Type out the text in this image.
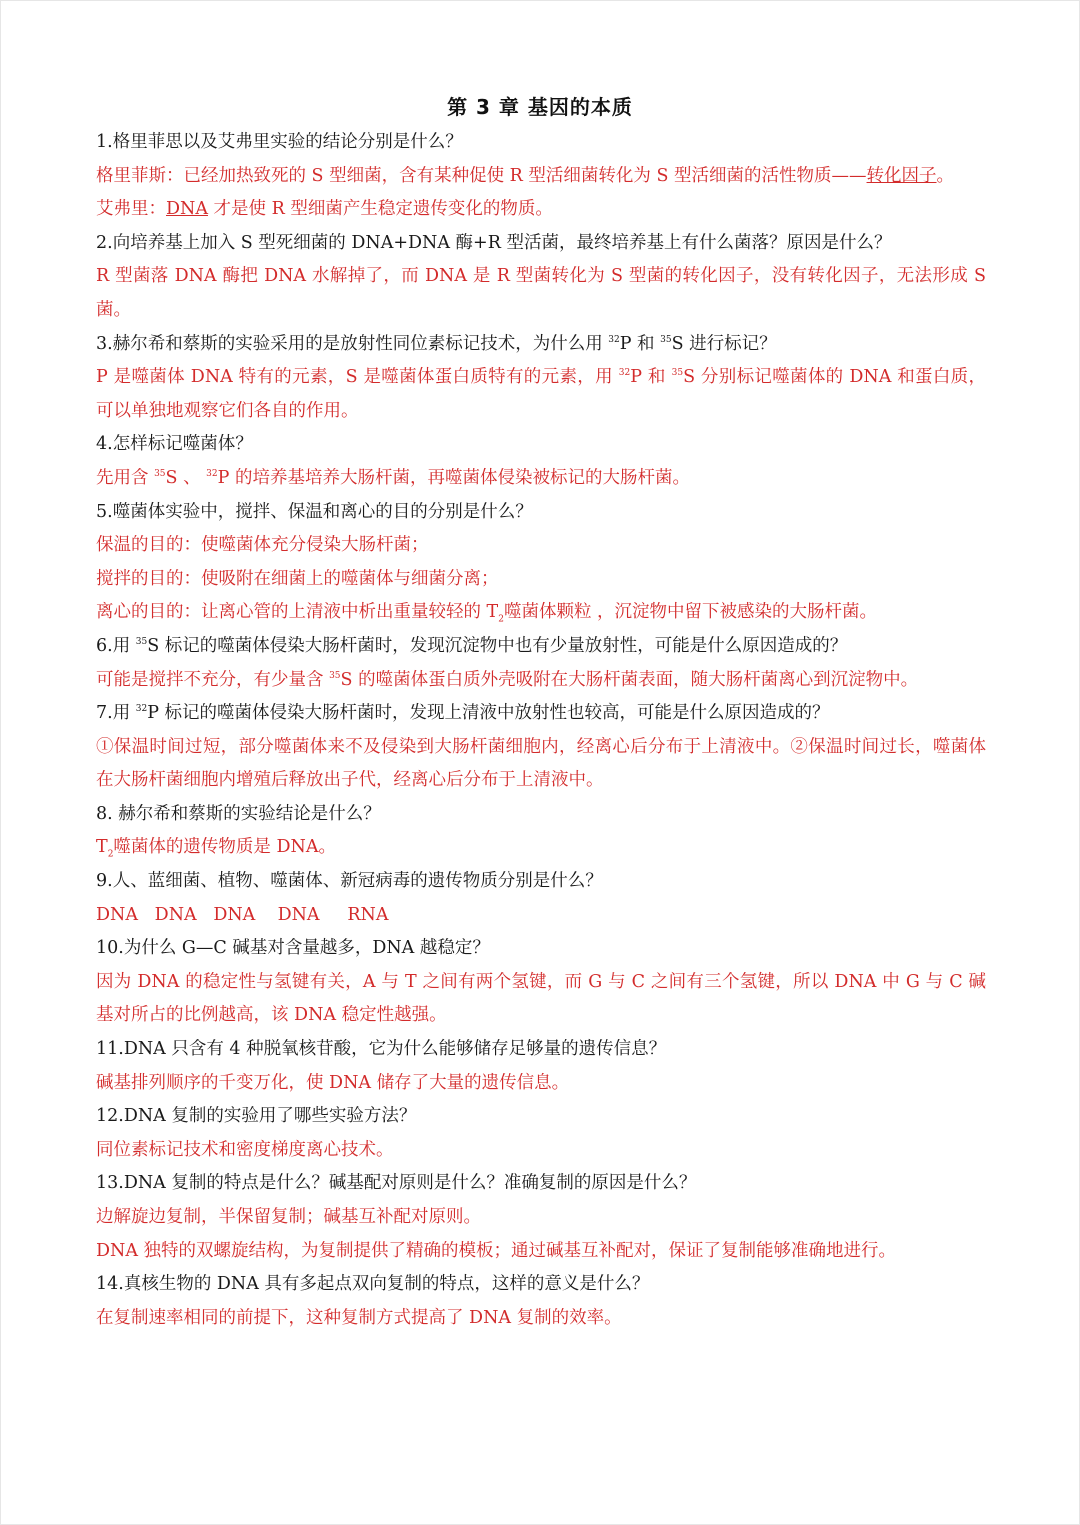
第 3 章 基因的本质

1.格里菲思以及艾弗里实验的结论分别是什么？

格里菲斯：已经加热致死的 S 型细菌，含有某种促使 R 型活细菌转化为 S 型活细菌的活性物质——转化因子。

艾弗里：DNA 才是使 R 型细菌产生稳定遗传变化的物质。

2.向培养基上加入 S 型死细菌的 DNA+DNA 酶+R 型活菌，最终培养基上有什么菌落？原因是什么？

R 型菌落 DNA 酶把 DNA 水解掉了，而 DNA 是 R 型菌转化为 S 型菌的转化因子，没有转化因子，无法形成 S 菌。

3.赫尔希和蔡斯的实验采用的是放射性同位素标记技术，为什么用 $^{32}$P 和 $^{35}$S 进行标记？

P 是噬菌体 DNA 特有的元素，S 是噬菌体蛋白质特有的元素，用 $^{32}$P 和 $^{35}$S 分别标记噬菌体的 DNA 和蛋白质，可以单独地观察它们各自的作用。

4.怎样标记噬菌体？

先用含 $^{35}$S 、 $^{32}$P 的培养基培养大肠杆菌，再噬菌体侵染被标记的大肠杆菌。

5.噬菌体实验中，搅拌、保温和离心的目的分别是什么？

保温的目的：使噬菌体充分侵染大肠杆菌；

搅拌的目的：使吸附在细菌上的噬菌体与细菌分离；

离心的目的：让离心管的上清液中析出重量较轻的 $T_2$噬菌体颗粒 ，沉淀物中留下被感染的大肠杆菌。

6.用 $^{35}$S 标记的噬菌体侵染大肠杆菌时，发现沉淀物中也有少量放射性，可能是什么原因造成的？

可能是搅拌不充分，有少量含 $^{35}$S 的噬菌体蛋白质外壳吸附在大肠杆菌表面，随大肠杆菌离心到沉淀物中。

7.用 $^{32}$P 标记的噬菌体侵染大肠杆菌时，发现上清液中放射性也较高，可能是什么原因造成的？

①保温时间过短，部分噬菌体来不及侵染到大肠杆菌细胞内，经离心后分布于上清液中。②保温时间过长，噬菌体在大肠杆菌细胞内增殖后释放出子代，经离心后分布于上清液中。

8. 赫尔希和蔡斯的实验结论是什么？

$T_2$噬菌体的遗传物质是 DNA。

9.人、蓝细菌、植物、噬菌体、新冠病毒的遗传物质分别是什么？

DNA   DNA   DNA    DNA     RNA

10.为什么 G—C 碱基对含量越多，DNA 越稳定？

因为 DNA 的稳定性与氢键有关，A 与 T 之间有两个氢键，而 G 与 C 之间有三个氢键，所以 DNA 中 G 与 C 碱基对所占的比例越高，该 DNA 稳定性越强。

11.DNA 只含有 4 种脱氧核苷酸，它为什么能够储存足够量的遗传信息？

碱基排列顺序的千变万化，使 DNA 储存了大量的遗传信息。

12.DNA 复制的实验用了哪些实验方法？

同位素标记技术和密度梯度离心技术。

13.DNA 复制的特点是什么？碱基配对原则是什么？准确复制的原因是什么？

边解旋边复制，半保留复制；碱基互补配对原则。

DNA 独特的双螺旋结构，为复制提供了精确的模板；通过碱基互补配对，保证了复制能够准确地进行。

14.真核生物的 DNA 具有多起点双向复制的特点，这样的意义是什么？

在复制速率相同的前提下，这种复制方式提高了 DNA 复制的效率。
